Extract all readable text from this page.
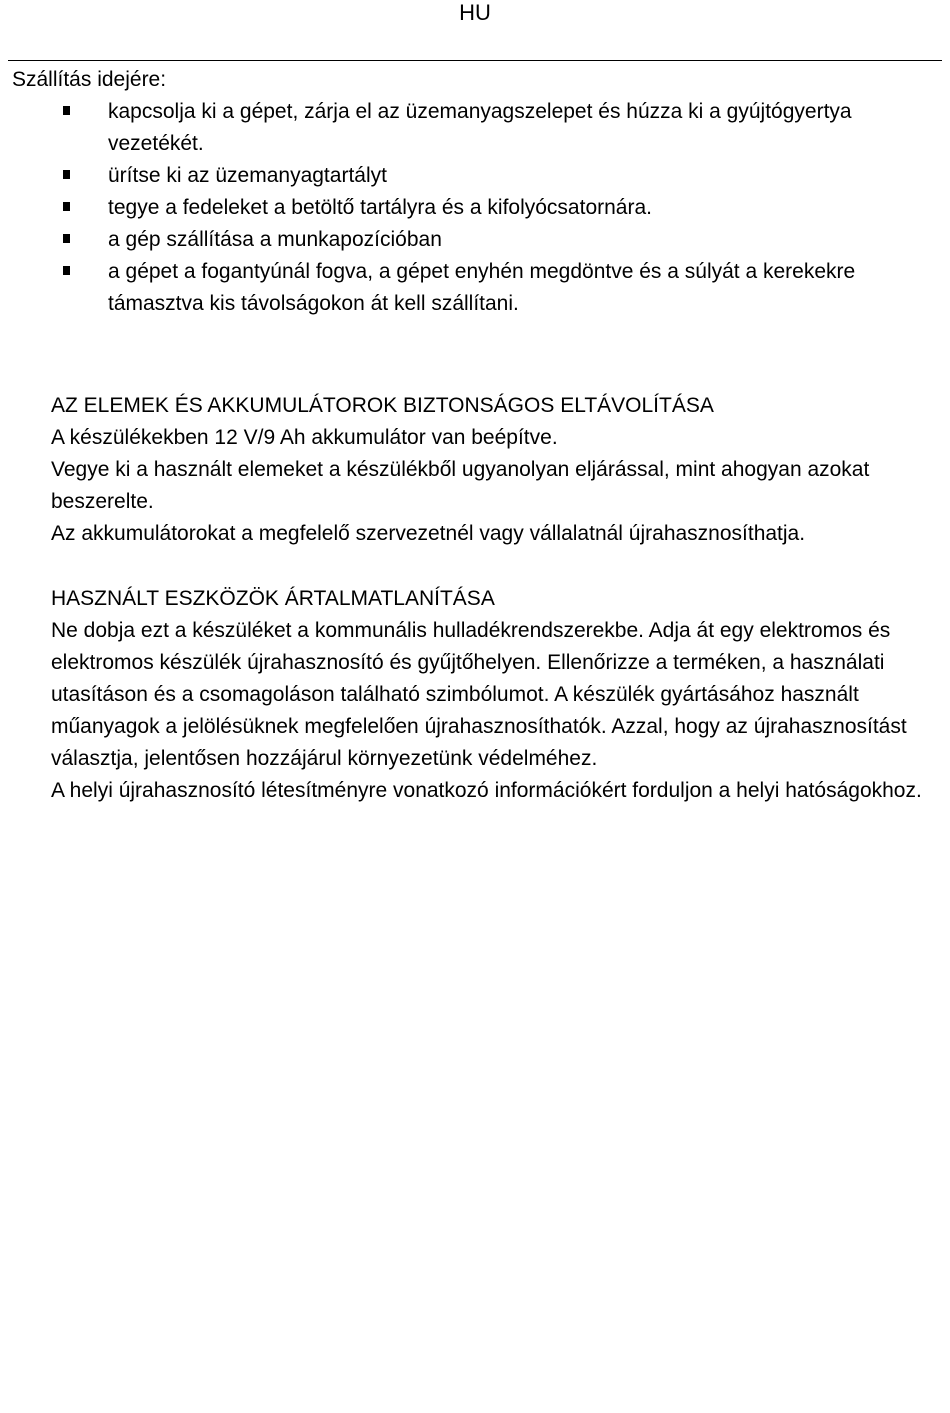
HU

Szállítás idejére:

kapcsolja ki a gépet, zárja el az üzemanyagszelepet és húzza ki a gyújtógyertya vezetékét.
ürítse ki az üzemanyagtartályt
tegye a fedeleket a betöltő tartályra és a kifolyócsatornára.
a gép szállítása a munkapozícióban
a gépet a fogantyúnál fogva, a gépet enyhén megdöntve és a súlyát a kerekekre támasztva kis távolságokon át kell szállítani.

AZ ELEMEK ÉS AKKUMULÁTOROK BIZTONSÁGOS ELTÁVOLÍTÁSA

A készülékekben 12 V/9 Ah akkumulátor van beépítve.

Vegye ki a használt elemeket a készülékből ugyanolyan eljárással, mint ahogyan azokat beszerelte.

Az akkumulátorokat a megfelelő szervezetnél vagy vállalatnál újrahasznosíthatja.

HASZNÁLT ESZKÖZÖK ÁRTALMATLANÍTÁSA

Ne dobja ezt a készüléket a kommunális hulladékrendszerekbe. Adja át egy elektromos és elektromos készülék újrahasznosító és gyűjtőhelyen. Ellenőrizze a terméken, a használati utasításon és a csomagoláson található szimbólumot. A készülék gyártásához használt műanyagok a jelölésüknek megfelelően újrahasznosíthatók. Azzal, hogy az újrahasznosítást választja, jelentősen hozzájárul környezetünk védelméhez.

A helyi újrahasznosító létesítményre vonatkozó információkért forduljon a helyi hatóságokhoz.
